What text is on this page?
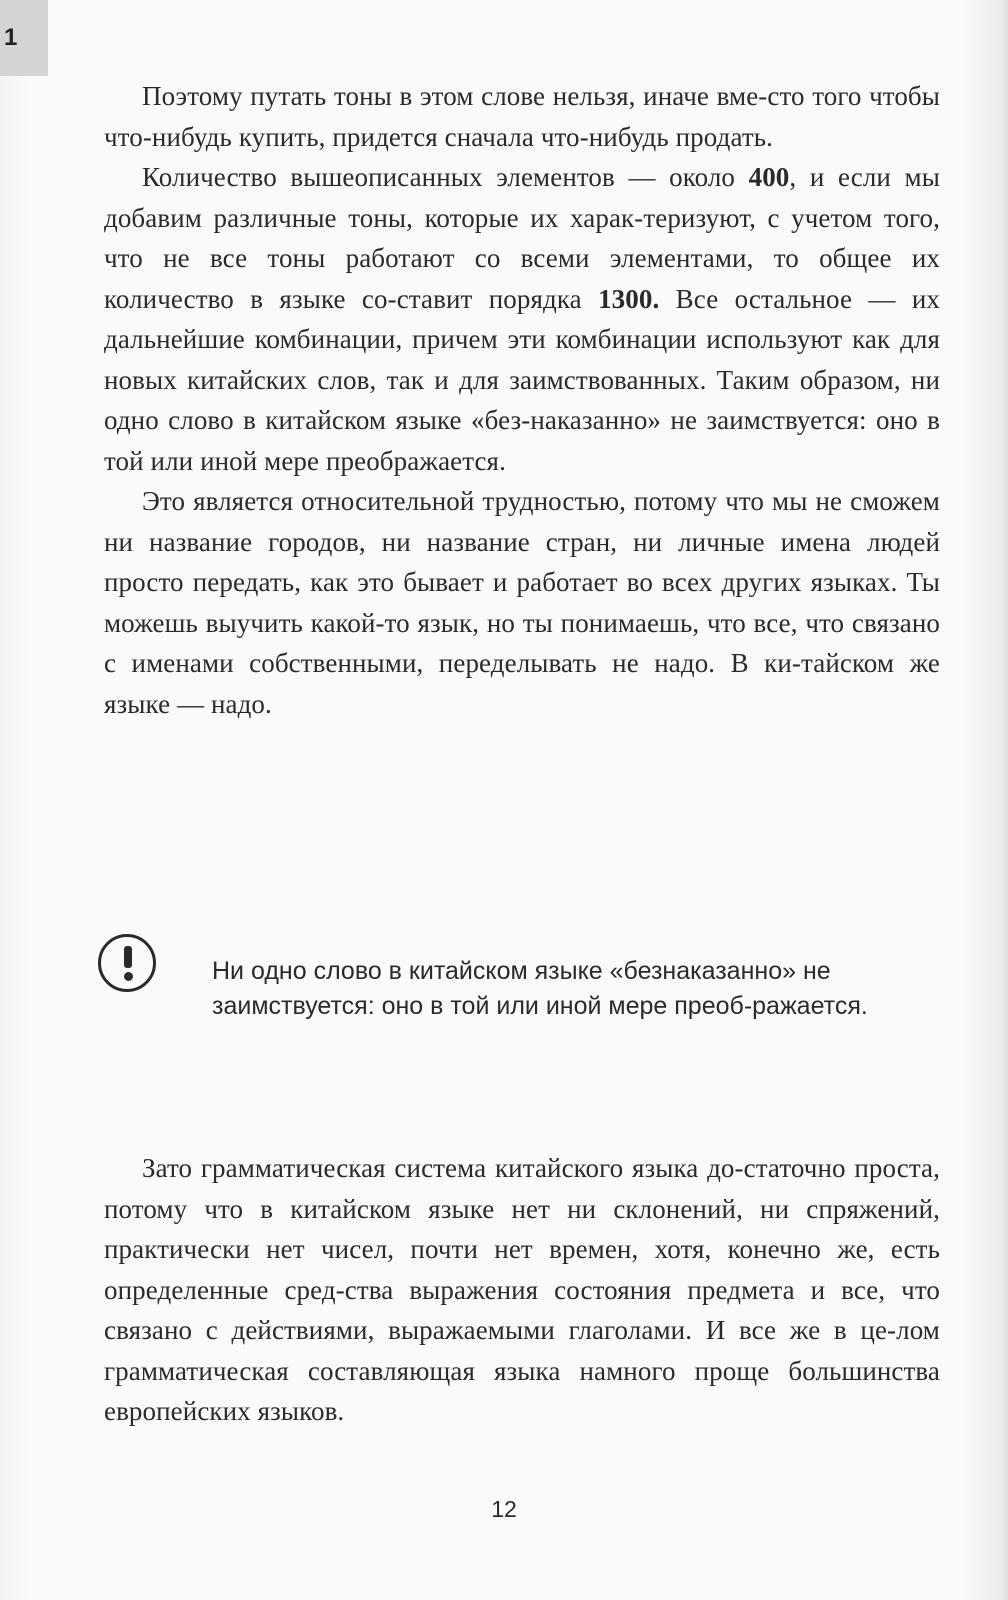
1

Поэтому путать тоны в этом слове нельзя, иначе вме-сто того чтобы что-нибудь купить, придется сначала что-нибудь продать.

Количество вышеописанных элементов — около 400, и если мы добавим различные тоны, которые их харак-теризуют, с учетом того, что не все тоны работают со всеми элементами, то общее их количество в языке со-ставит порядка 1300. Все остальное — их дальнейшие комбинации, причем эти комбинации используют как для новых китайских слов, так и для заимствованных. Таким образом, ни одно слово в китайском языке «без-наказанно» не заимствуется: оно в той или иной мере преображается.

Это является относительной трудностью, потому что мы не сможем ни название городов, ни название стран, ни личные имена людей просто передать, как это бывает и работает во всех других языках. Ты можешь выучить какой-то язык, но ты понимаешь, что все, что связано с именами собственными, переделывать не надо. В ки-тайском же языке — надо.

Ни одно слово в китайском языке «безнаказанно» не заимствуется: оно в той или иной мере преоб-ражается.

Зато грамматическая система китайского языка до-статочно проста, потому что в китайском языке нет ни склонений, ни спряжений, практически нет чисел, почти нет времен, хотя, конечно же, есть определенные сред-ства выражения состояния предмета и все, что связано с действиями, выражаемыми глаголами. И все же в це-лом грамматическая составляющая языка намного проще большинства европейских языков.

12
